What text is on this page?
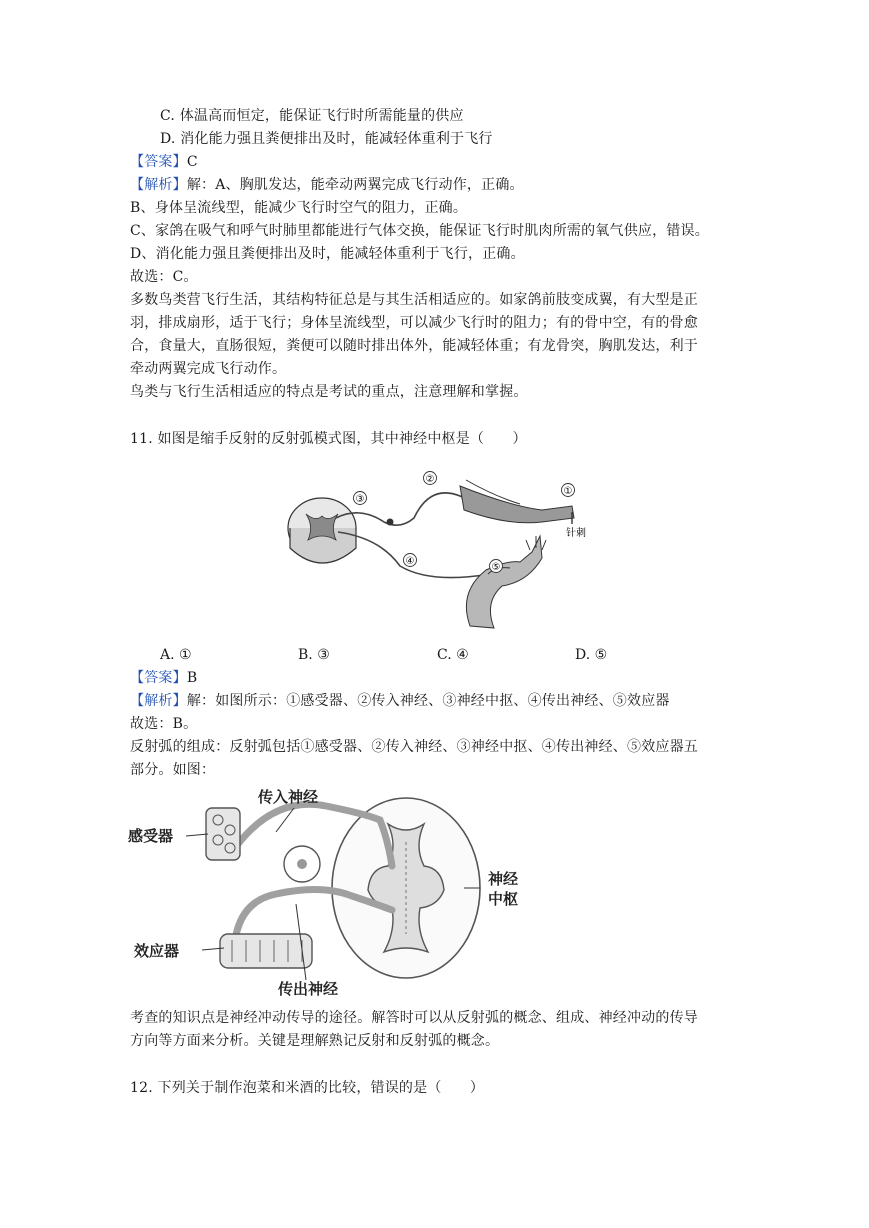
C. 体温高而恒定，能保证飞行时所需能量的供应
D. 消化能力强且粪便排出及时，能减轻体重利于飞行
【答案】C
【解析】解：A、胸肌发达，能牵动两翼完成飞行动作，正确。
B、身体呈流线型，能减少飞行时空气的阻力，正确。
C、家鸽在吸气和呼气时肺里都能进行气体交换，能保证飞行时肌肉所需的氧气供应，错误。
D、消化能力强且粪便排出及时，能减轻体重利于飞行，正确。
故选：C。
多数鸟类营飞行生活，其结构特征总是与其生活相适应的。如家鸽前肢变成翼，有大型是正
羽，排成扇形，适于飞行；身体呈流线型，可以减少飞行时的阻力；有的骨中空，有的骨愈
合，食量大，直肠很短，粪便可以随时排出体外，能减轻体重；有龙骨突，胸肌发达，利于
牵动两翼完成飞行动作。
鸟类与飞行生活相适应的特点是考试的重点，注意理解和掌握。
11. 如图是缩手反射的反射弧模式图，其中神经中枢是（　　）
③
②
①
④
⑤
针刺
A. ①	B. ③	C. ④	D. ⑤
【答案】B
【解析】解：如图所示：①感受器、②传入神经、③神经中抠、④传出神经、⑤效应器
故选：B。
反射弧的组成：反射弧包括①感受器、②传入神经、③神经中抠、④传出神经、⑤效应器五
部分。如图：
传入神经
感受器
神经
中枢
效应器
传出神经
考查的知识点是神经冲动传导的途径。解答时可以从反射弧的概念、组成、神经冲动的传导
方向等方面来分析。关键是理解熟记反射和反射弧的概念。
12. 下列关于制作泡菜和米酒的比较，错误的是（　　）
